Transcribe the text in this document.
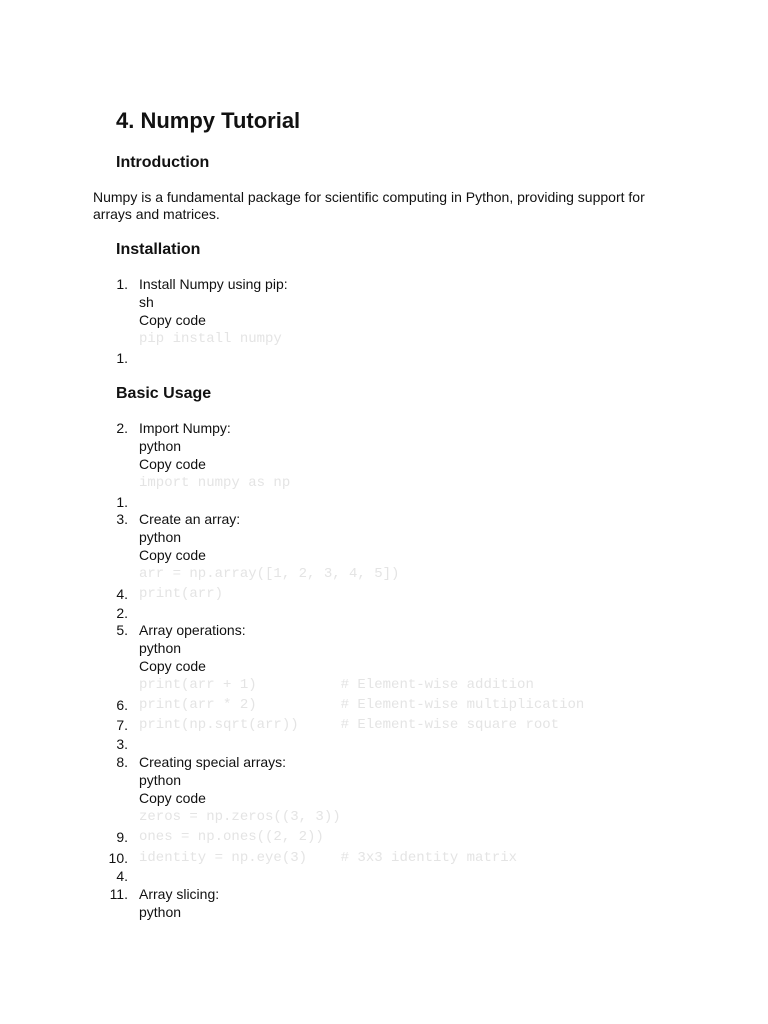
4. Numpy Tutorial
Introduction
Numpy is a fundamental package for scientific computing in Python, providing support for
arrays and matrices.
Installation
1. Install Numpy using pip:
sh
Copy code
pip install numpy
1.
Basic Usage
2. Import Numpy:
python
Copy code
import numpy as np
1.
3. Create an array:
python
Copy code
arr = np.array([1, 2, 3, 4, 5])
4. print(arr)
2.
5. Array operations:
python
Copy code
print(arr + 1)          # Element-wise addition
6. print(arr * 2)          # Element-wise multiplication
7. print(np.sqrt(arr))     # Element-wise square root
3.
8. Creating special arrays:
python
Copy code
zeros = np.zeros((3, 3))
9. ones = np.ones((2, 2))
10. identity = np.eye(3)    # 3x3 identity matrix
4.
11. Array slicing:
python
